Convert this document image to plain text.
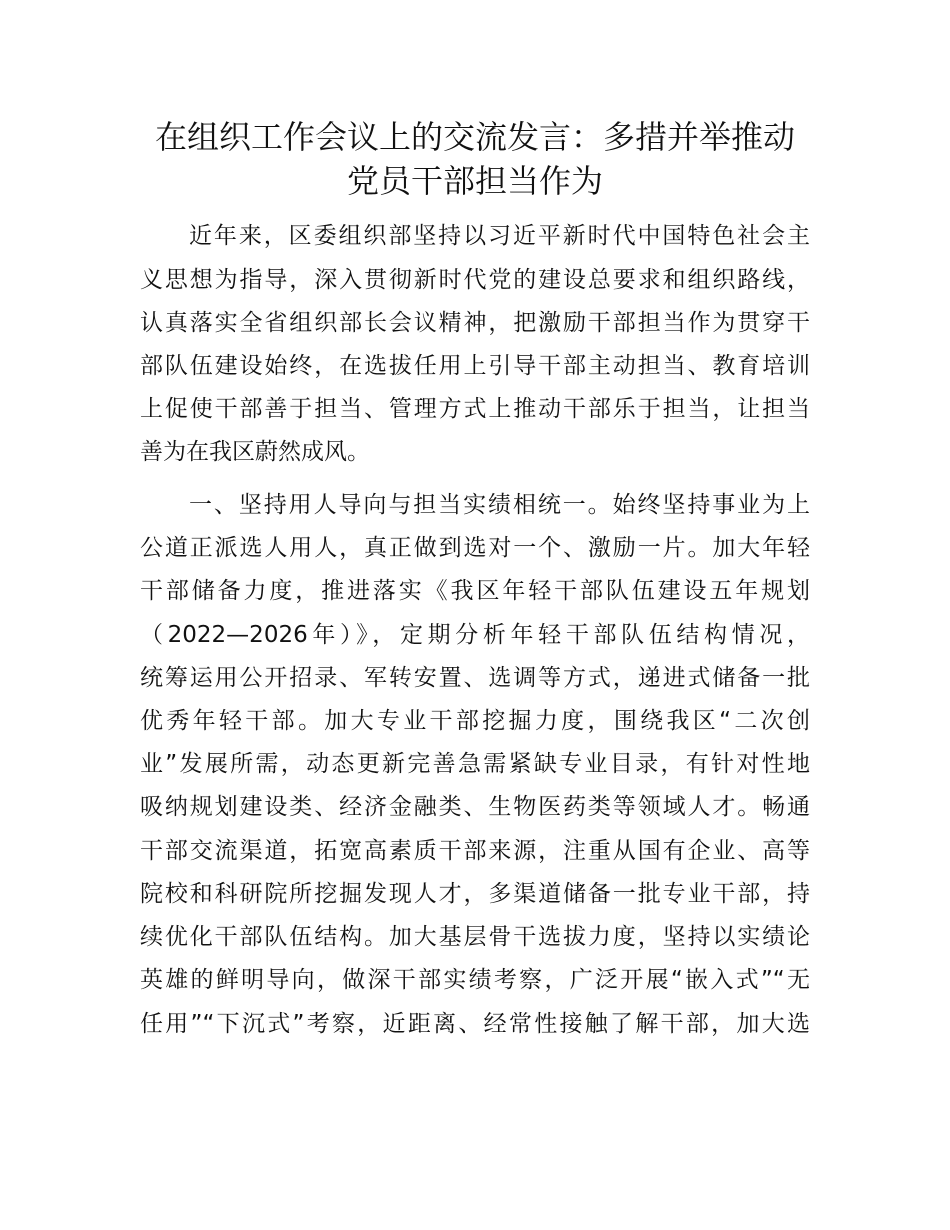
在组织工作会议上的交流发言：多措并举推动
党员干部担当作为
近年来，区委组织部坚持以习近平新时代中国特色社会主
义思想为指导，深入贯彻新时代党的建设总要求和组织路线，
认真落实全省组织部长会议精神，把激励干部担当作为贯穿干
部队伍建设始终，在选拔任用上引导干部主动担当、教育培训
上促使干部善于担当、管理方式上推动干部乐于担当，让担当
善为在我区蔚然成风。
一、坚持用人导向与担当实绩相统一。始终坚持事业为上
公道正派选人用人，真正做到选对一个、激励一片。加大年轻
干部储备力度，推进落实《我区年轻干部队伍建设五年规划
（2022—2026年）》，定期分析年轻干部队伍结构情况，
统筹运用公开招录、军转安置、选调等方式，递进式储备一批
优秀年轻干部。加大专业干部挖掘力度，围绕我区“二次创
业”发展所需，动态更新完善急需紧缺专业目录，有针对性地
吸纳规划建设类、经济金融类、生物医药类等领域人才。畅通
干部交流渠道，拓宽高素质干部来源，注重从国有企业、高等
院校和科研院所挖掘发现人才，多渠道储备一批专业干部，持
续优化干部队伍结构。加大基层骨干选拔力度，坚持以实绩论
英雄的鲜明导向，做深干部实绩考察，广泛开展“嵌入式”“无
任用”“下沉式”考察，近距离、经常性接触了解干部，加大选
